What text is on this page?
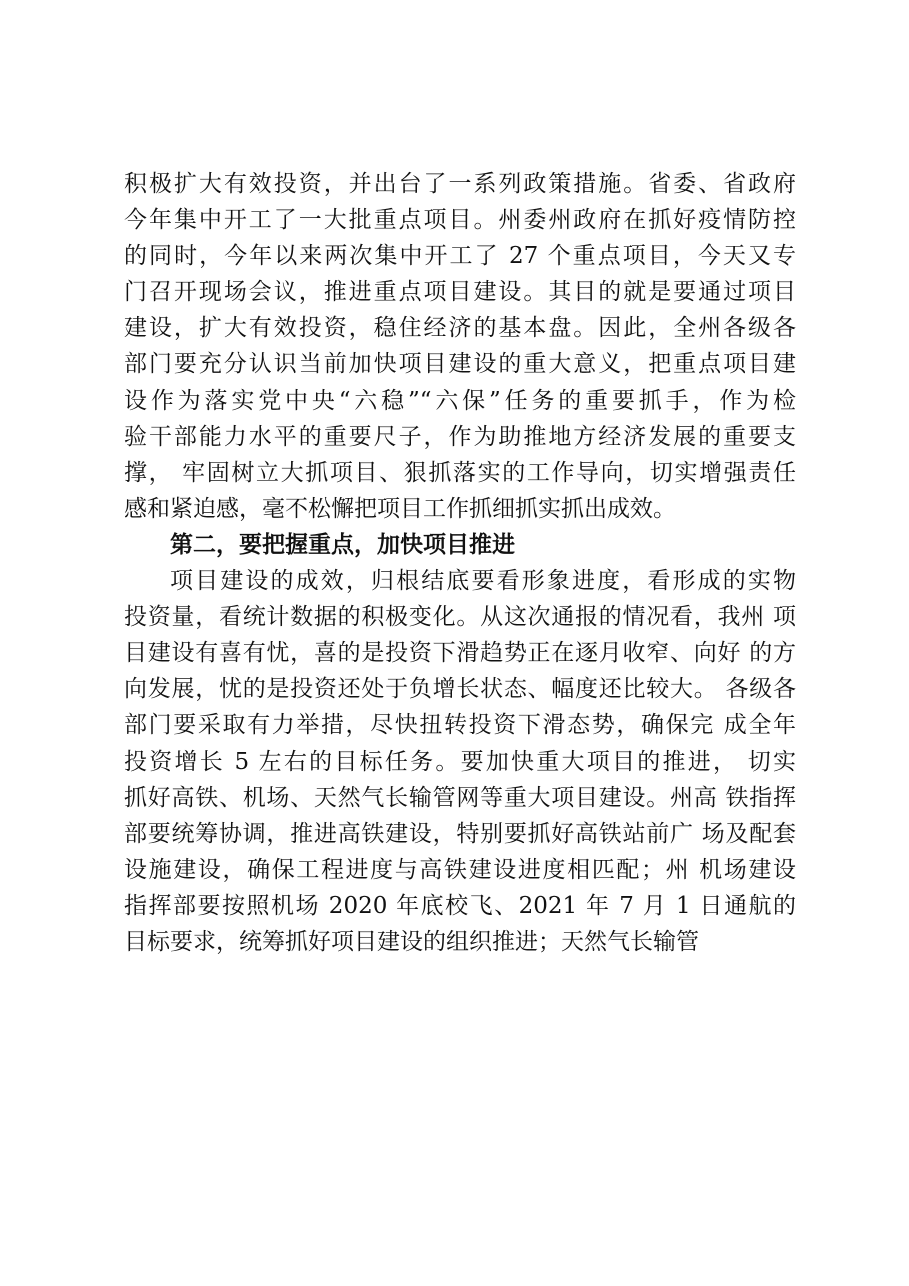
积极扩大有效投资，并出台了一系列政策措施。省委、省政府
今年集中开工了一大批重点项目。州委州政府在抓好疫情防控
的同时，今年以来两次集中开工了 27 个重点项目，今天又专
门召开现场会议，推进重点项目建设。其目的就是要通过项目
建设，扩大有效投资，稳住经济的基本盘。因此，全州各级各
部门要充分认识当前加快项目建设的重大意义，把重点项目建
设作为落实党中央“六稳”“六保”任务的重要抓手，作为检
验干部能力水平的重要尺子，作为助推地方经济发展的重要支
撑， 牢固树立大抓项目、狠抓落实的工作导向，切实增强责任
感和紧迫感，毫不松懈把项目工作抓细抓实抓出成效。
第二，要把握重点，加快项目推进
项目建设的成效，归根结底要看形象进度，看形成的实物
投资量，看统计数据的积极变化。从这次通报的情况看，我州 项
目建设有喜有忧，喜的是投资下滑趋势正在逐月收窄、向好 的方
向发展，忧的是投资还处于负增长状态、幅度还比较大。 各级各
部门要采取有力举措，尽快扭转投资下滑态势，确保完 成全年
投资增长 5 左右的目标任务。要加快重大项目的推进， 切实
抓好高铁、机场、天然气长输管网等重大项目建设。州高 铁指挥
部要统筹协调，推进高铁建设，特别要抓好高铁站前广 场及配套
设施建设，确保工程进度与高铁建设进度相匹配；州 机场建设
指挥部要按照机场 2020 年底校飞、2021 年 7 月 1 日通航的
目标要求，统筹抓好项目建设的组织推进；天然气长输管
